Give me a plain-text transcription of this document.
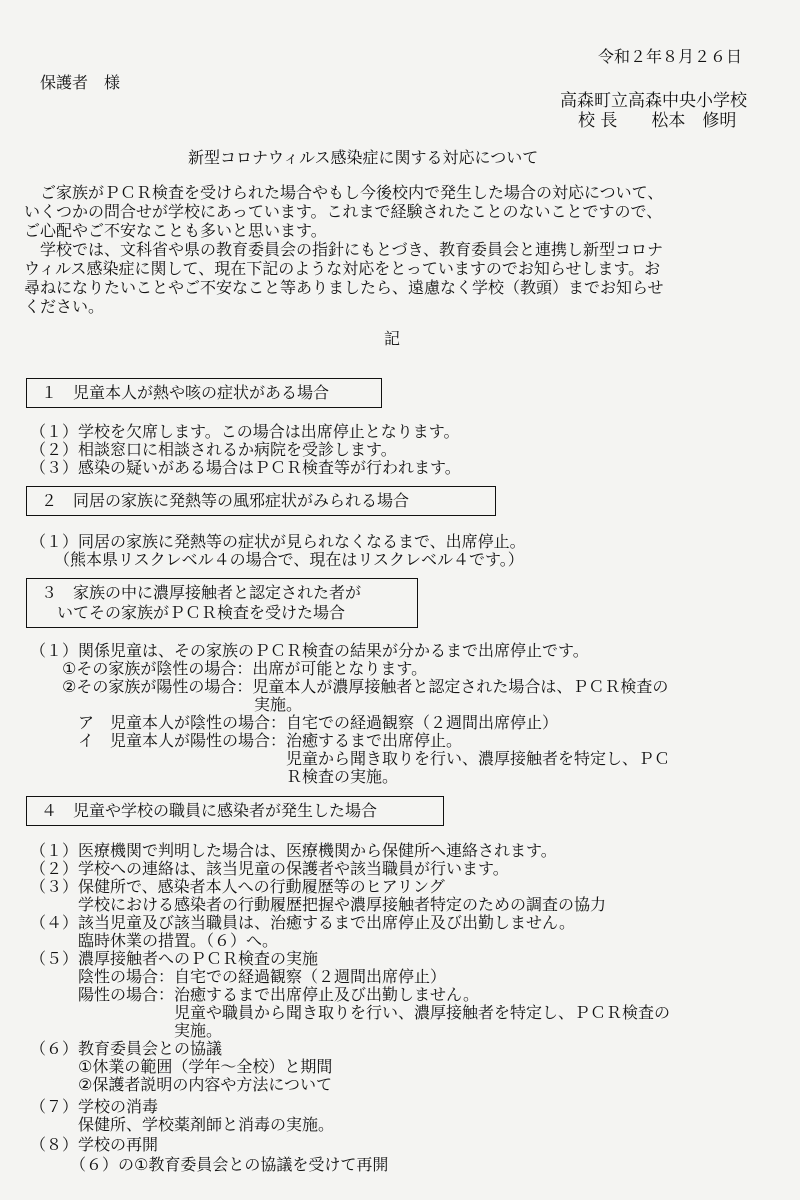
令和２年８月２６日
保護者　様
高森町立高森中央小学校
校 長　　松本　修明
新型コロナウィルス感染症に関する対応について
　ご家族がＰＣＲ検査を受けられた場合やもし今後校内で発生した場合の対応について、
いくつかの問合せが学校にあっています。これまで経験されたことのないことですので、
ご心配やご不安なことも多いと思います。
　学校では、文科省や県の教育委員会の指針にもとづき、教育委員会と連携し新型コロナ
ウィルス感染症に関して、現在下記のような対応をとっていますのでお知らせします。お
尋ねになりたいことやご不安なこと等ありましたら、遠慮なく学校（教頭）までお知らせ
ください。
記
１　児童本人が熱や咳の症状がある場合
（１）学校を欠席します。この場合は出席停止となります。
（２）相談窓口に相談されるか病院を受診します。
（３）感染の疑いがある場合はＰＣＲ検査等が行われます。
２　同居の家族に発熱等の風邪症状がみられる場合
（１）同居の家族に発熱等の症状が見られなくなるまで、出席停止。
　　（熊本県リスクレベル４の場合で、現在はリスクレベル４です。）
３　家族の中に濃厚接触者と認定された者が
　いてその家族がＰＣＲ検査を受けた場合
（１）関係児童は、その家族のＰＣＲ検査の結果が分かるまで出席停止です。
　　①その家族が陰性の場合：出席が可能となります。
　　②その家族が陽性の場合：児童本人が濃厚接触者と認定された場合は、ＰＣＲ検査の
　　　　　　　　　　　　　　実施。
　　　ア　児童本人が陰性の場合：自宅での経過観察（２週間出席停止）
　　　イ　児童本人が陽性の場合：治癒するまで出席停止。
　　　　　　　　　　　　　　　　児童から聞き取りを行い、濃厚接触者を特定し、ＰＣ
　　　　　　　　　　　　　　　　Ｒ検査の実施。
４　児童や学校の職員に感染者が発生した場合
（１）医療機関で判明した場合は、医療機関から保健所へ連絡されます。
（２）学校への連絡は、該当児童の保護者や該当職員が行います。
（３）保健所で、感染者本人への行動履歴等のヒアリング
　　　学校における感染者の行動履歴把握や濃厚接触者特定のための調査の協力
（４）該当児童及び該当職員は、治癒するまで出席停止及び出勤しません。
　　　臨時休業の措置。（６）へ。
（５）濃厚接触者へのＰＣＲ検査の実施
　　　陰性の場合：自宅での経過観察（２週間出席停止）
　　　陽性の場合：治癒するまで出席停止及び出勤しません。
　　　　　　　　　児童や職員から聞き取りを行い、濃厚接触者を特定し、ＰＣＲ検査の
　　　　　　　　　実施。
（６）教育委員会との協議
　　　①休業の範囲（学年～全校）と期間
　　　②保護者説明の内容や方法について
（７）学校の消毒
　　　保健所、学校薬剤師と消毒の実施。
（８）学校の再開
　　　（６）の①教育委員会との協議を受けて再開
